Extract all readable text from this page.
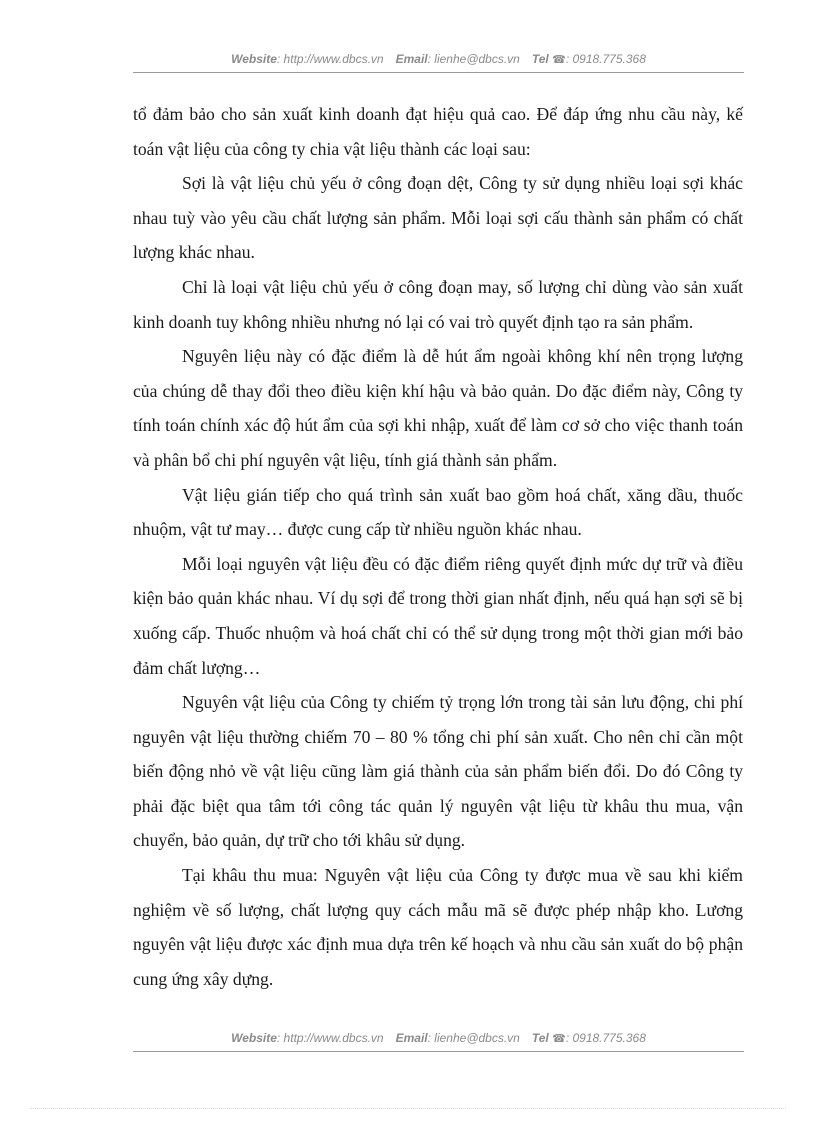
Website: http://www.dbcs.vn Email: lienhe@dbcs.vn Tel ☎: 0918.775.368

tổ đảm bảo cho sản xuất kinh doanh đạt hiệu quả cao. Để đáp ứng nhu cầu này, kế toán vật liệu của công ty chia vật liệu thành các loại sau:

Sợi là vật liệu chủ yếu ở công đoạn dệt, Công ty sử dụng nhiều loại sợi khác nhau tuỳ vào yêu cầu chất lượng sản phẩm. Mỗi loại sợi cấu thành sản phẩm có chất lượng khác nhau.

Chỉ là loại vật liệu chủ yếu ở công đoạn may, số lượng chỉ dùng vào sản xuất kinh doanh tuy không nhiều nhưng nó lại có vai trò quyết định tạo ra sản phẩm.

Nguyên liệu này có đặc điểm là dễ hút ẩm ngoài không khí nên trọng lượng của chúng dễ thay đổi theo điều kiện khí hậu và bảo quản. Do đặc điểm này, Công ty tính toán chính xác độ hút ẩm của sợi khi nhập, xuất để làm cơ sở cho việc thanh toán và phân bổ chi phí nguyên vật liệu, tính giá thành sản phẩm.

Vật liệu gián tiếp cho quá trình sản xuất bao gồm hoá chất, xăng dầu, thuốc nhuộm, vật tư may… được cung cấp từ nhiều nguồn khác nhau.

Mỗi loại nguyên vật liệu đều có đặc điểm riêng quyết định mức dự trữ và điều kiện bảo quản khác nhau. Ví dụ sợi để trong thời gian nhất định, nếu quá hạn sợi sẽ bị xuống cấp. Thuốc nhuộm và hoá chất chỉ có thể sử dụng trong một thời gian mới bảo đảm chất lượng…

Nguyên vật liệu của Công ty chiếm tỷ trọng lớn trong tài sản lưu động, chi phí nguyên vật liệu thường chiếm 70 – 80 % tổng chi phí sản xuất. Cho nên chỉ cần một biến động nhỏ về vật liệu cũng làm giá thành của sản phẩm biến đổi. Do đó Công ty phải đặc biệt qua tâm tới công tác quản lý nguyên vật liệu từ khâu thu mua, vận chuyển, bảo quản, dự trữ cho tới khâu sử dụng.

Tại khâu thu mua: Nguyên vật liệu của Công ty được mua về sau khi kiểm nghiệm về số lượng, chất lượng quy cách mẫu mã sẽ được phép nhập kho. Lương nguyên vật liệu được xác định mua dựa trên kế hoạch và nhu cầu sản xuất do bộ phận cung ứng xây dựng.

Website: http://www.dbcs.vn Email: lienhe@dbcs.vn Tel ☎: 0918.775.368
